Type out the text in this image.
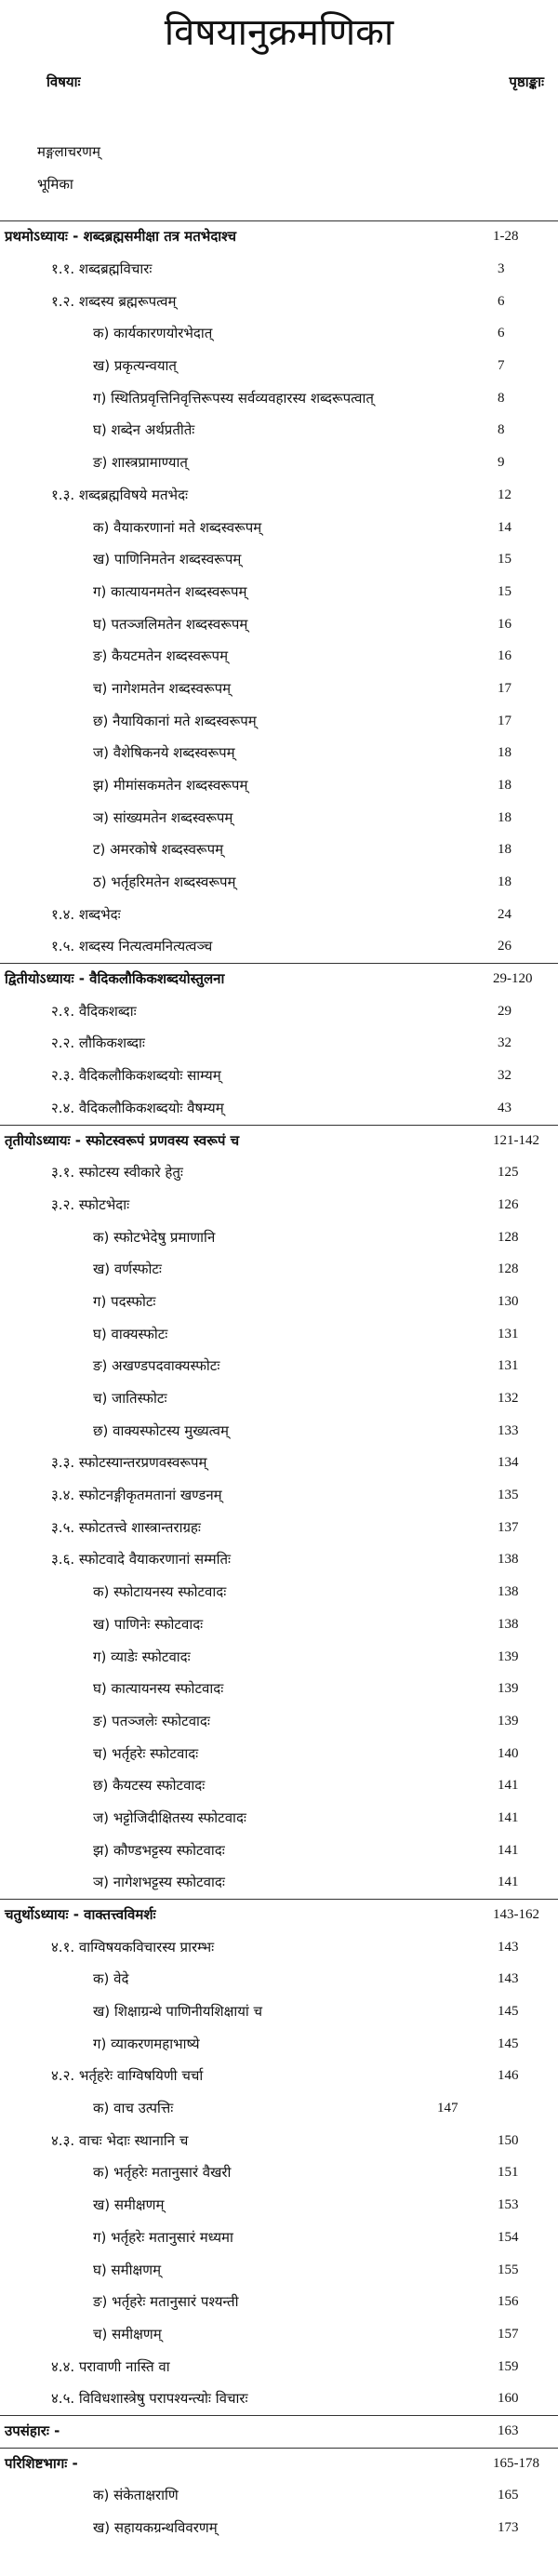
विषयानुक्रमणिका
विषयाः	पृष्ठाङ्काः
मङ्गलाचरणम्
भूमिका
प्रथमोऽध्यायः - शब्दब्रह्मसमीक्षा तत्र मतभेदाश्च	1-28
१.१. शब्दब्रह्मविचारः	3
१.२. शब्दस्य ब्रह्मरूपत्वम्	6
क) कार्यकारणयोरभेदात्	6
ख) प्रकृत्यन्वयात्	7
ग) स्थितिप्रवृत्तिनिवृत्तिरूपस्य सर्वव्यवहारस्य शब्दरूपत्वात्	8
घ) शब्देन अर्थप्रतीतेः	8
ङ) शास्त्रप्रामाण्यात्	9
१.३. शब्दब्रह्मविषये मतभेदः	12
क) वैयाकरणानां मते शब्दस्वरूपम्	14
ख) पाणिनिमतेन शब्दस्वरूपम्	15
ग) कात्यायनमतेन शब्दस्वरूपम्	15
घ) पतञ्जलिमतेन शब्दस्वरूपम्	16
ङ) कैयटमतेन शब्दस्वरूपम्	16
च) नागेशमतेन शब्दस्वरूपम्	17
छ) नैयायिकानां मते शब्दस्वरूपम्	17
ज) वैशेषिकनये शब्दस्वरूपम्	18
झ) मीमांसकमतेन शब्दस्वरूपम्	18
ञ) सांख्यमतेन शब्दस्वरूपम्	18
ट) अमरकोषे शब्दस्वरूपम्	18
ठ) भर्तृहरिमतेन शब्दस्वरूपम्	18
१.४. शब्दभेदः	24
१.५. शब्दस्य नित्यत्वमनित्यत्वञ्च	26
द्वितीयोऽध्यायः - वैदिकलौकिकशब्दयोस्तुलना	29-120
२.१. वैदिकशब्दाः	29
२.२. लौकिकशब्दाः	32
२.३. वैदिकलौकिकशब्दयोः साम्यम्	32
२.४. वैदिकलौकिकशब्दयोः वैषम्यम्	43
तृतीयोऽध्यायः - स्फोटस्वरूपं प्रणवस्य स्वरूपं च	121-142
३.१. स्फोटस्य स्वीकारे हेतुः	125
३.२. स्फोटभेदाः	126
क) स्फोटभेदेषु प्रमाणानि	128
ख) वर्णस्फोटः	128
ग) पदस्फोटः	130
घ) वाक्यस्फोटः	131
ङ) अखण्डपदवाक्यस्फोटः	131
च) जातिस्फोटः	132
छ) वाक्यस्फोटस्य मुख्यत्वम्	133
३.३. स्फोटस्यान्तरप्रणवस्वरूपम्	134
३.४. स्फोटनङ्गीकृतमतानां खण्डनम्	135
३.५. स्फोटतत्त्वे शास्त्रान्तराग्रहः	137
३.६. स्फोटवादे वैयाकरणानां सम्मतिः	138
क) स्फोटायनस्य स्फोटवादः	138
ख) पाणिनेः स्फोटवादः	138
ग) व्याडेः स्फोटवादः	139
घ) कात्यायनस्य स्फोटवादः	139
ङ) पतञ्जलेः स्फोटवादः	139
च) भर्तृहरेः स्फोटवादः	140
छ) कैयटस्य स्फोटवादः	141
ज) भट्टोजिदीक्षितस्य स्फोटवादः	141
झ) कौण्डभट्टस्य स्फोटवादः	141
ञ) नागेशभट्टस्य स्फोटवादः	141
चतुर्थोऽध्यायः - वाक्तत्त्वविमर्शः	143-162
४.१. वाग्विषयकविचारस्य प्रारम्भः	143
क) वेदे	143
ख) शिक्षाग्रन्थे पाणिनीयशिक्षायां च	145
ग) व्याकरणमहाभाष्ये	145
४.२. भर्तृहरेः वाग्विषयिणी चर्चा	146
क) वाच उत्पत्तिः	147
४.३. वाचः भेदाः स्थानानि च	150
क) भर्तृहरेः मतानुसारं वैखरी	151
ख) समीक्षणम्	153
ग) भर्तृहरेः मतानुसारं मध्यमा	154
घ) समीक्षणम्	155
ङ) भर्तृहरेः मतानुसारं पश्यन्ती	156
च) समीक्षणम्	157
४.४. परावाणी नास्ति वा	159
४.५. विविधशास्त्रेषु परापश्यन्त्योः विचारः	160
उपसंहारः -	163
परिशिष्टभागः -	165-178
क) संकेताक्षराणि	165
ख) सहायकग्रन्थविवरणम्	173
